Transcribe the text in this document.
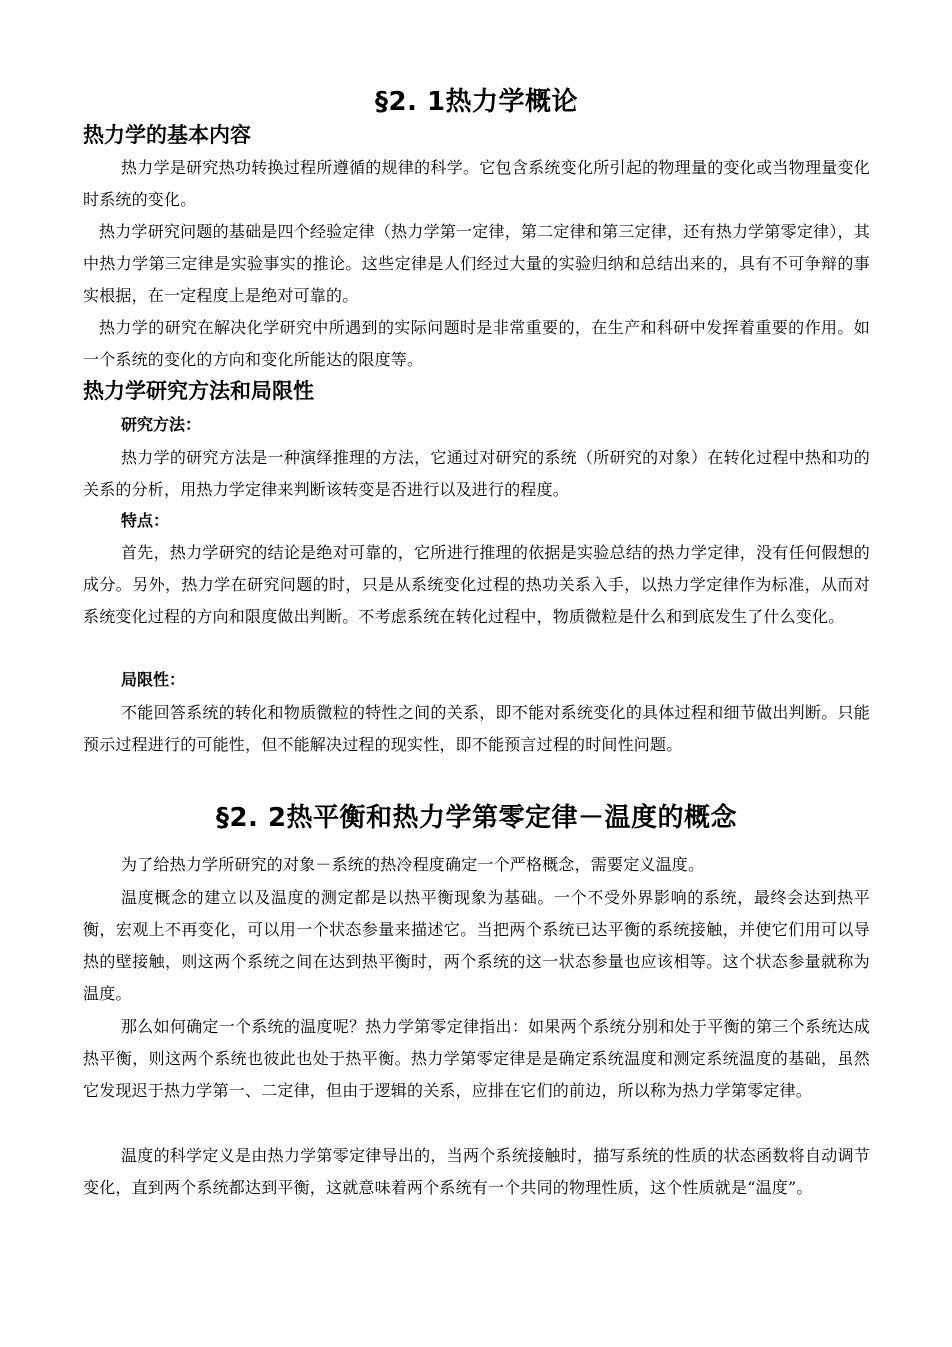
§2. 1热力学概论
热力学的基本内容
热力学是研究热功转换过程所遵循的规律的科学。它包含系统变化所引起的物理量的变化或当物理量变化时系统的变化。
热力学研究问题的基础是四个经验定律（热力学第一定律，第二定律和第三定律，还有热力学第零定律），其中热力学第三定律是实验事实的推论。这些定律是人们经过大量的实验归纳和总结出来的，具有不可争辩的事实根据，在一定程度上是绝对可靠的。
热力学的研究在解决化学研究中所遇到的实际问题时是非常重要的，在生产和科研中发挥着重要的作用。如一个系统的变化的方向和变化所能达的限度等。
热力学研究方法和局限性
研究方法：
热力学的研究方法是一种演绎推理的方法，它通过对研究的系统（所研究的对象）在转化过程中热和功的关系的分析，用热力学定律来判断该转变是否进行以及进行的程度。
特点：
首先，热力学研究的结论是绝对可靠的，它所进行推理的依据是实验总结的热力学定律，没有任何假想的成分。另外，热力学在研究问题的时，只是从系统变化过程的热功关系入手，以热力学定律作为标准，从而对系统变化过程的方向和限度做出判断。不考虑系统在转化过程中，物质微粒是什么和到底发生了什么变化。
局限性：
不能回答系统的转化和物质微粒的特性之间的关系，即不能对系统变化的具体过程和细节做出判断。只能预示过程进行的可能性，但不能解决过程的现实性，即不能预言过程的时间性问题。
§2. 2热平衡和热力学第零定律－温度的概念
为了给热力学所研究的对象－系统的热冷程度确定一个严格概念，需要定义温度。
温度概念的建立以及温度的测定都是以热平衡现象为基础。一个不受外界影响的系统，最终会达到热平衡，宏观上不再变化，可以用一个状态参量来描述它。当把两个系统已达平衡的系统接触，并使它们用可以导热的壁接触，则这两个系统之间在达到热平衡时，两个系统的这一状态参量也应该相等。这个状态参量就称为温度。
那么如何确定一个系统的温度呢？热力学第零定律指出：如果两个系统分别和处于平衡的第三个系统达成热平衡，则这两个系统也彼此也处于热平衡。热力学第零定律是是确定系统温度和测定系统温度的基础，虽然它发现迟于热力学第一、二定律，但由于逻辑的关系，应排在它们的前边，所以称为热力学第零定律。
温度的科学定义是由热力学第零定律导出的，当两个系统接触时，描写系统的性质的状态函数将自动调节变化，直到两个系统都达到平衡，这就意味着两个系统有一个共同的物理性质，这个性质就是“温度”。
